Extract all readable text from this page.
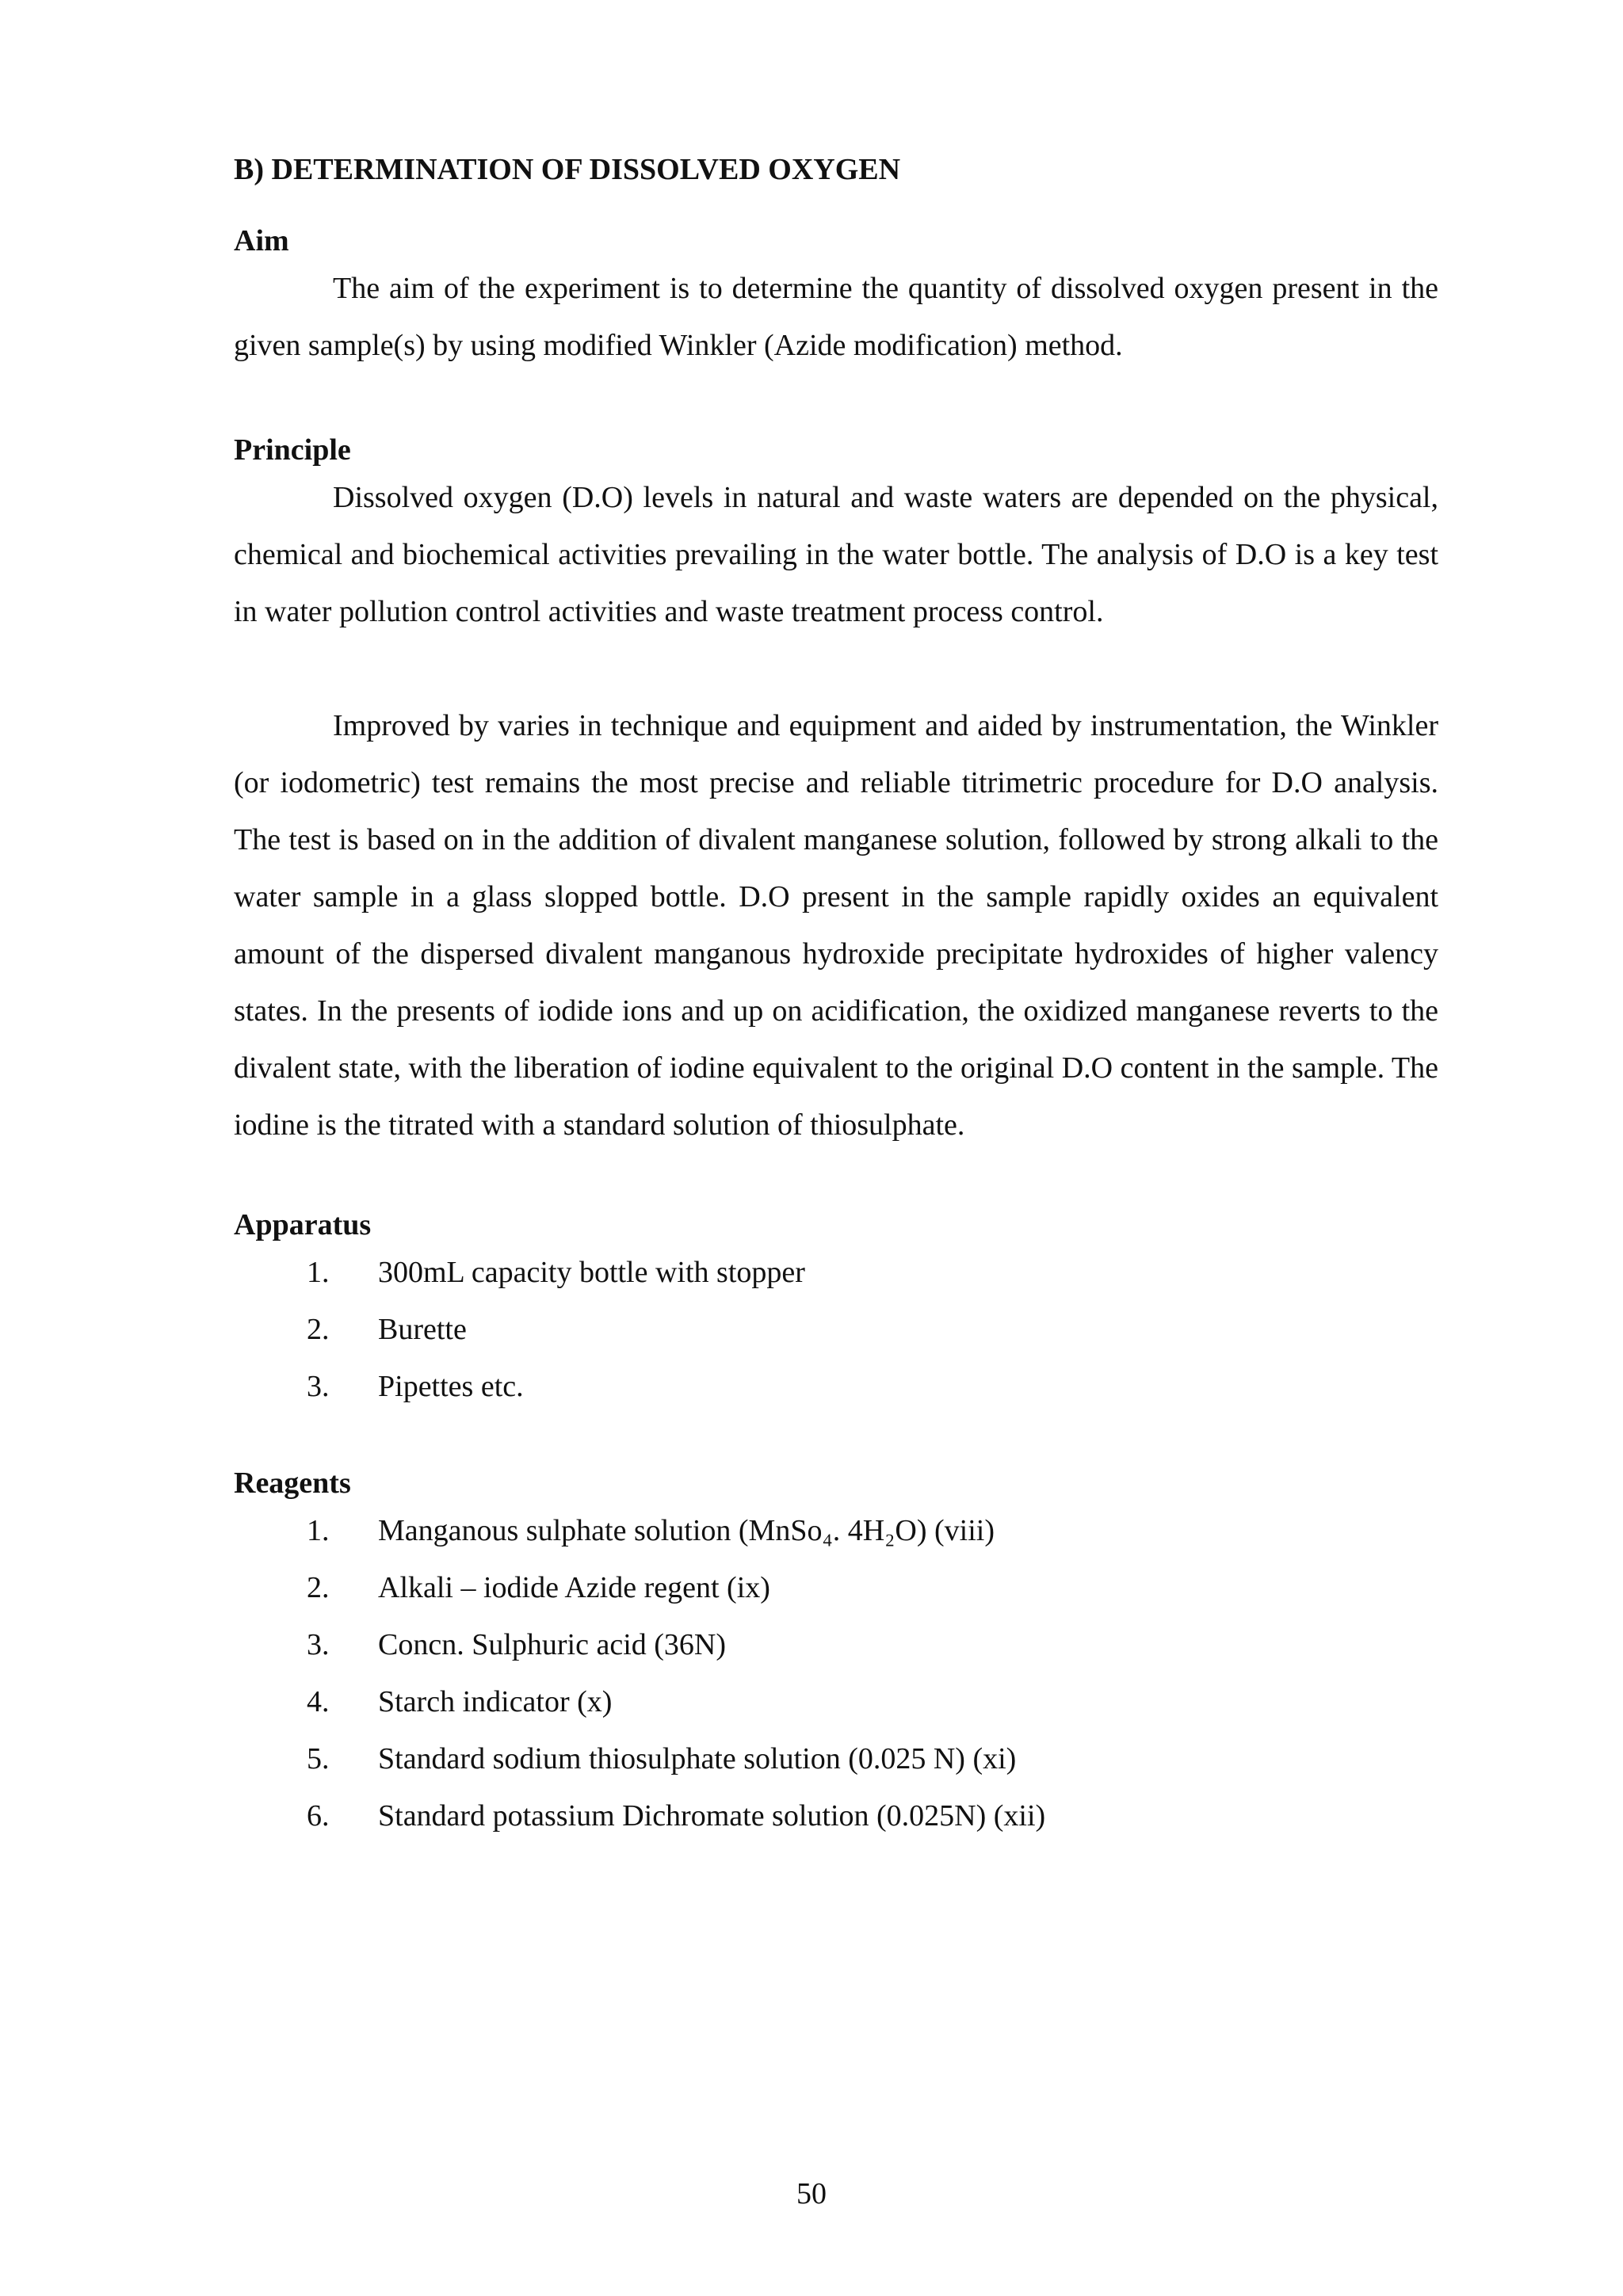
B) DETERMINATION OF DISSOLVED OXYGEN

Aim

The aim of the experiment is to determine the quantity of dissolved oxygen present in the given sample(s) by using modified Winkler (Azide modification) method.

Principle

Dissolved oxygen (D.O) levels in natural and waste waters are depended on the physical, chemical and biochemical activities prevailing in the water bottle. The analysis of D.O is a key test in water pollution control activities and waste treatment process control.

Improved by varies in technique and equipment and aided by instrumentation, the Winkler (or iodometric) test remains the most precise and reliable titrimetric procedure for D.O analysis. The test is based on in the addition of divalent manganese solution, followed by strong alkali to the water sample in a glass slopped bottle. D.O present in the sample rapidly oxides an equivalent amount of the dispersed divalent manganous hydroxide precipitate hydroxides of higher valency states. In the presents of iodide ions and up on acidification, the oxidized manganese reverts to the divalent state, with the liberation of iodine equivalent to the original D.O content in the sample. The iodine is the titrated with a standard solution of thiosulphate.

Apparatus

1.	300mL capacity bottle with stopper
2.	Burette
3.	Pipettes etc.

Reagents

1.	Manganous sulphate solution (MnSo₄. 4H₂O) (viii)
2.	Alkali – iodide Azide regent (ix)
3.	Concn. Sulphuric acid (36N)
4.	Starch indicator (x)
5.	Standard sodium thiosulphate solution (0.025 N) (xi)
6.	Standard potassium Dichromate solution (0.025N) (xii)
50
